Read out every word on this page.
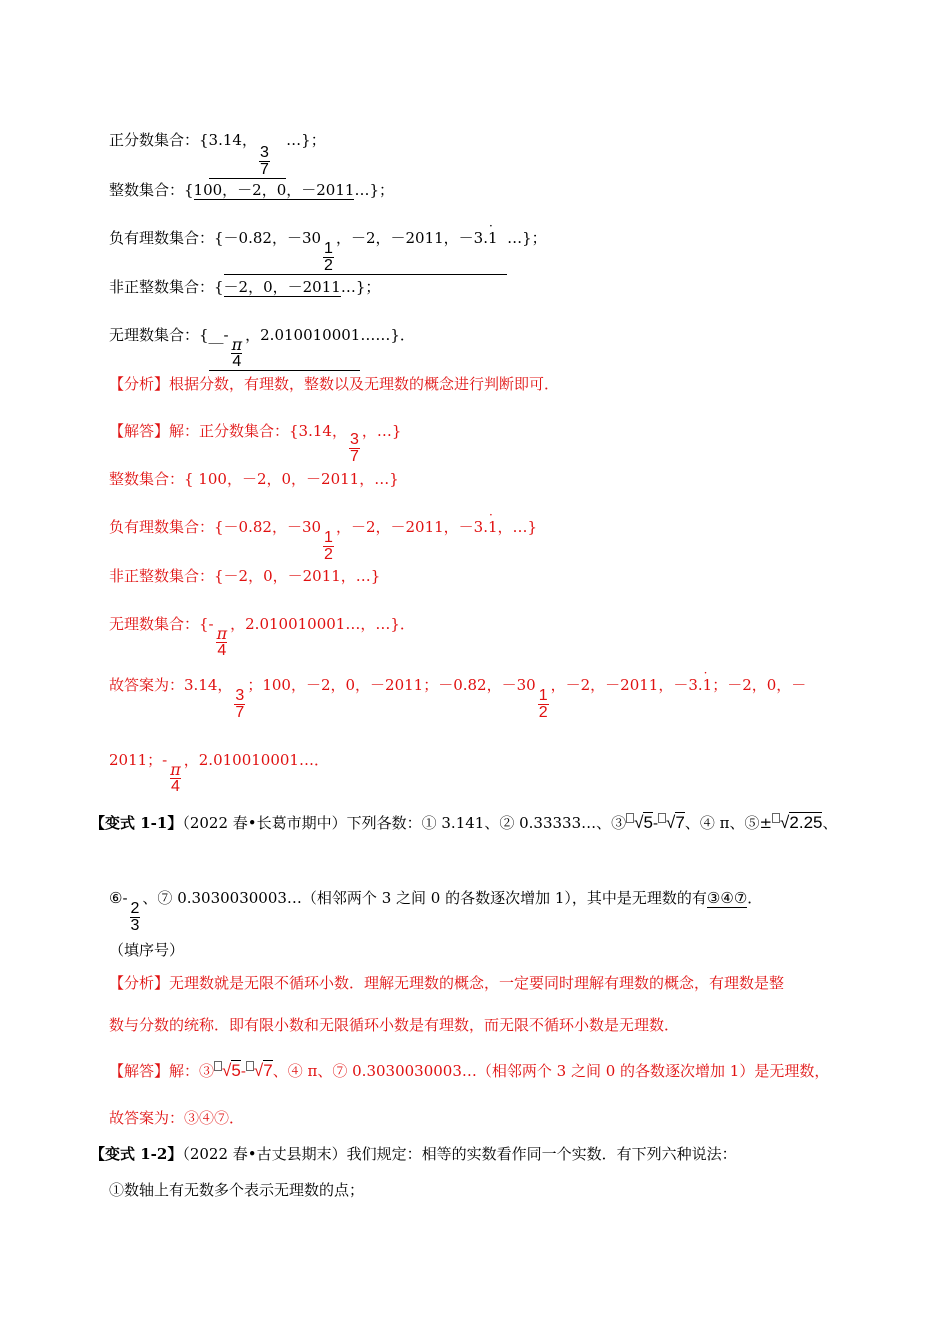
正分数集合：{3.14，
$\frac{3}{7}$
…}；
整数集合：{100，－2，0，－2011…}；
负有理数集合：{－0.82，－30
$\frac{1}{2}$
，－2，－2011，－3.· 1 …}；
非正整数集合：{－2，0，－2011…}；
无理数集合：{__-
$\frac{\pi}{4}$
，2.010010001……}．
【分析】根据分数，有理数，整数以及无理数的概念进行判断即可．
【解答】解：正分数集合：{3.14，
$\frac{3}{7}$
，…}
整数集合：{ 100，－2，0，－2011，…}
负有理数集合：{－0.82，－30
$\frac{1}{2}$
，－2，－2011，－3.· 1，…}
非正整数集合：{－2，0，－2011，…}
无理数集合：{-
$\frac{\pi}{4}$
，2.010010001…，…}．
故答案为：3.14，
$\frac{3}{7}$
；100，－2，0，－2011；－0.82，－30
$\frac{1}{2}$
，－2，－2011，－3.· 1；－2，0，－
2011；-
$\frac{\pi}{4}$
，2.010010001…．
【变式 1-1】（2022 春•长葛市期中）下列各数：① 3.141、② 0.33333…、③ √5- √7、④ π、⑤± √2.25、
⑥-
$\frac{2}{3}$
、⑦ 0.3030030003…（相邻两个 3 之间 0 的各数逐次增加 1），其中是无理数的有③④⑦．
（填序号）
【分析】无理数就是无限不循环小数．理解无理数的概念，一定要同时理解有理数的概念，有理数是整
数与分数的统称．即有限小数和无限循环小数是有理数，而无限不循环小数是无理数．
【解答】解：③ √5- √7、④ π、⑦ 0.3030030003…（相邻两个 3 之间 0 的各数逐次增加 1）是无理数，
故答案为：③④⑦．
【变式 1-2】（2022 春•古丈县期末）我们规定：相等的实数看作同一个实数．有下列六种说法：
①数轴上有无数多个表示无理数的点；
